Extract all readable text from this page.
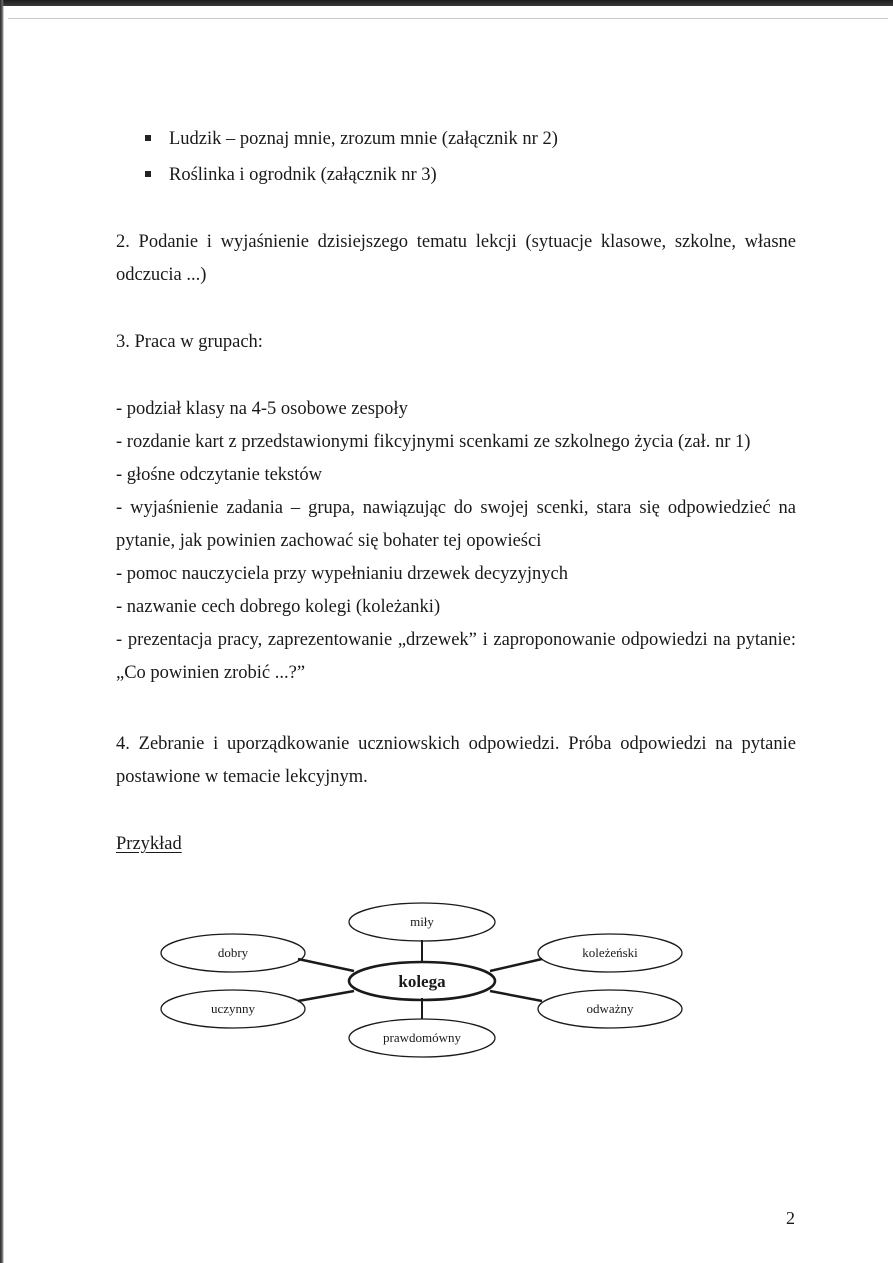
Ludzik – poznaj mnie, zrozum mnie (załącznik nr 2)
Roślinka i ogrodnik (załącznik nr 3)

2. Podanie i wyjaśnienie dzisiejszego tematu lekcji (sytuacje klasowe, szkolne, własne odczucia ...)

3. Praca w grupach:

- podział klasy na 4-5 osobowe zespoły
- rozdanie kart z przedstawionymi fikcyjnymi scenkami ze szkolnego życia (zał. nr 1)
- głośne odczytanie tekstów
- wyjaśnienie zadania – grupa, nawiązując do swojej scenki, stara się odpowiedzieć na pytanie, jak powinien zachować się bohater tej opowieści
- pomoc nauczyciela przy wypełnianiu drzewek decyzyjnych
- nazwanie cech dobrego kolegi (koleżanki)
- prezentacja pracy, zaprezentowanie „drzewek” i zaproponowanie odpowiedzi na pytanie: „Co powinien zrobić ...?”

4. Zebranie i uporządkowanie uczniowskich odpowiedzi. Próba odpowiedzi na pytanie postawione w temacie lekcyjnym.

Przykład

miły
dobry	koleżeński
kolega
uczynny	odważny
prawdomówny
2
